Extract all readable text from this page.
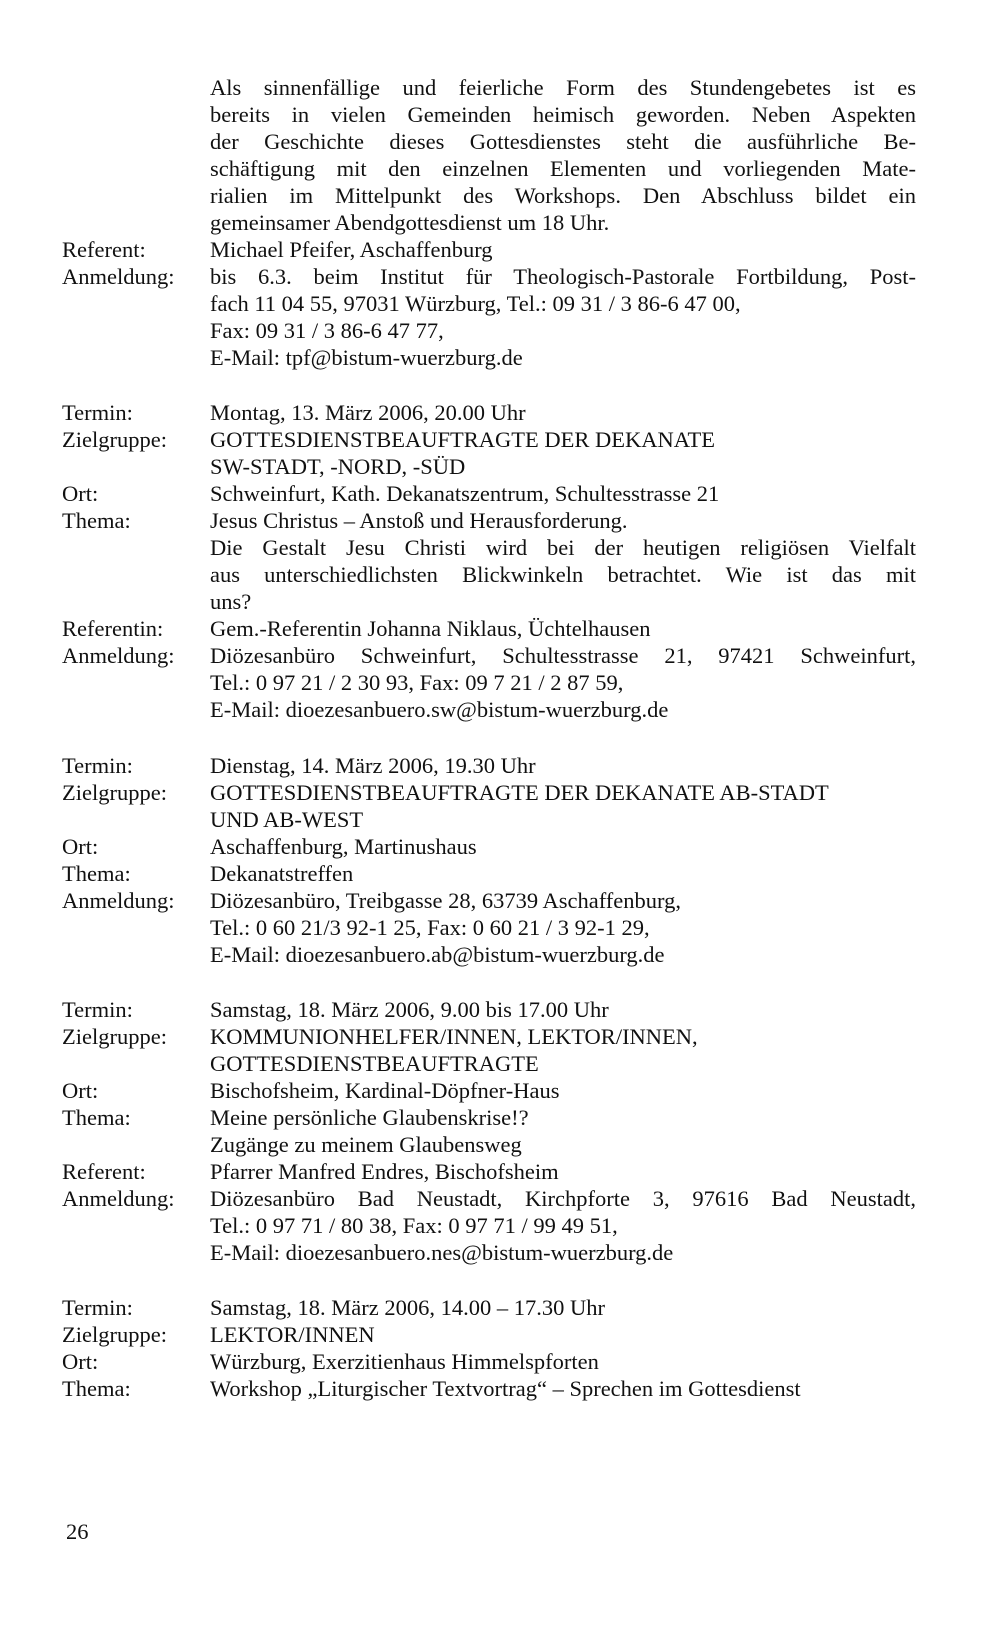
Als sinnenfällige und feierliche Form des Stundengebetes ist es
bereits in vielen Gemeinden heimisch geworden. Neben Aspekten
der Geschichte dieses Gottesdienstes steht die ausführliche Be-
schäftigung mit den einzelnen Elementen und vorliegenden Mate-
rialien im Mittelpunkt des Workshops. Den Abschluss bildet ein
gemeinsamer Abendgottesdienst um 18 Uhr.
Referent:	Michael Pfeifer, Aschaffenburg
Anmeldung: bis 6.3. beim Institut für Theologisch-Pastorale Fortbildung, Post-
fach 11 04 55, 97031 Würzburg, Tel.: 09 31 / 3 86-6 47 00,
Fax: 09 31 / 3 86-6 47 77,
E-Mail: tpf@bistum-wuerzburg.de
Termin:	Montag, 13. März 2006, 20.00 Uhr
Zielgruppe: GOTTESDIENSTBEAUFTRAGTE DER DEKANATE
SW-STADT, -NORD, -SÜD
Ort:	Schweinfurt, Kath. Dekanatszentrum, Schultesstrasse 21
Thema:	Jesus Christus – Anstoß und Herausforderung.
Die Gestalt Jesu Christi wird bei der heutigen religiösen Vielfalt
aus unterschiedlichsten Blickwinkeln betrachtet. Wie ist das mit
uns?
Referentin: Gem.-Referentin Johanna Niklaus, Üchtelhausen
Anmeldung: Diözesanbüro Schweinfurt, Schultesstrasse 21, 97421 Schweinfurt,
Tel.: 0 97 21 / 2 30 93, Fax: 09 7 21 / 2 87 59,
E-Mail: dioezesanbuero.sw@bistum-wuerzburg.de
Termin:	Dienstag, 14. März 2006, 19.30 Uhr
Zielgruppe: GOTTESDIENSTBEAUFTRAGTE DER DEKANATE AB-STADT
UND AB-WEST
Ort:	Aschaffenburg, Martinushaus
Thema:	Dekanatstreffen
Anmeldung: Diözesanbüro, Treibgasse 28, 63739 Aschaffenburg,
Tel.: 0 60 21/3 92-1 25, Fax: 0 60 21 / 3 92-1 29,
E-Mail: dioezesanbuero.ab@bistum-wuerzburg.de
Termin:	Samstag, 18. März 2006, 9.00 bis 17.00 Uhr
Zielgruppe: KOMMUNIONHELFER/INNEN, LEKTOR/INNEN,
GOTTESDIENSTBEAUFTRAGTE
Ort:	Bischofsheim, Kardinal-Döpfner-Haus
Thema:	Meine persönliche Glaubenskrise!?
Zugänge zu meinem Glaubensweg
Referent:	Pfarrer Manfred Endres, Bischofsheim
Anmeldung: Diözesanbüro Bad Neustadt, Kirchpforte 3, 97616 Bad Neustadt,
Tel.: 0 97 71 / 80 38, Fax: 0 97 71 / 99 49 51,
E-Mail: dioezesanbuero.nes@bistum-wuerzburg.de
Termin:	Samstag, 18. März 2006, 14.00 – 17.30 Uhr
Zielgruppe: LEKTOR/INNEN
Ort:	Würzburg, Exerzitienhaus Himmelspforten
Thema:	Workshop „Liturgischer Textvortrag“ – Sprechen im Gottesdienst
26
